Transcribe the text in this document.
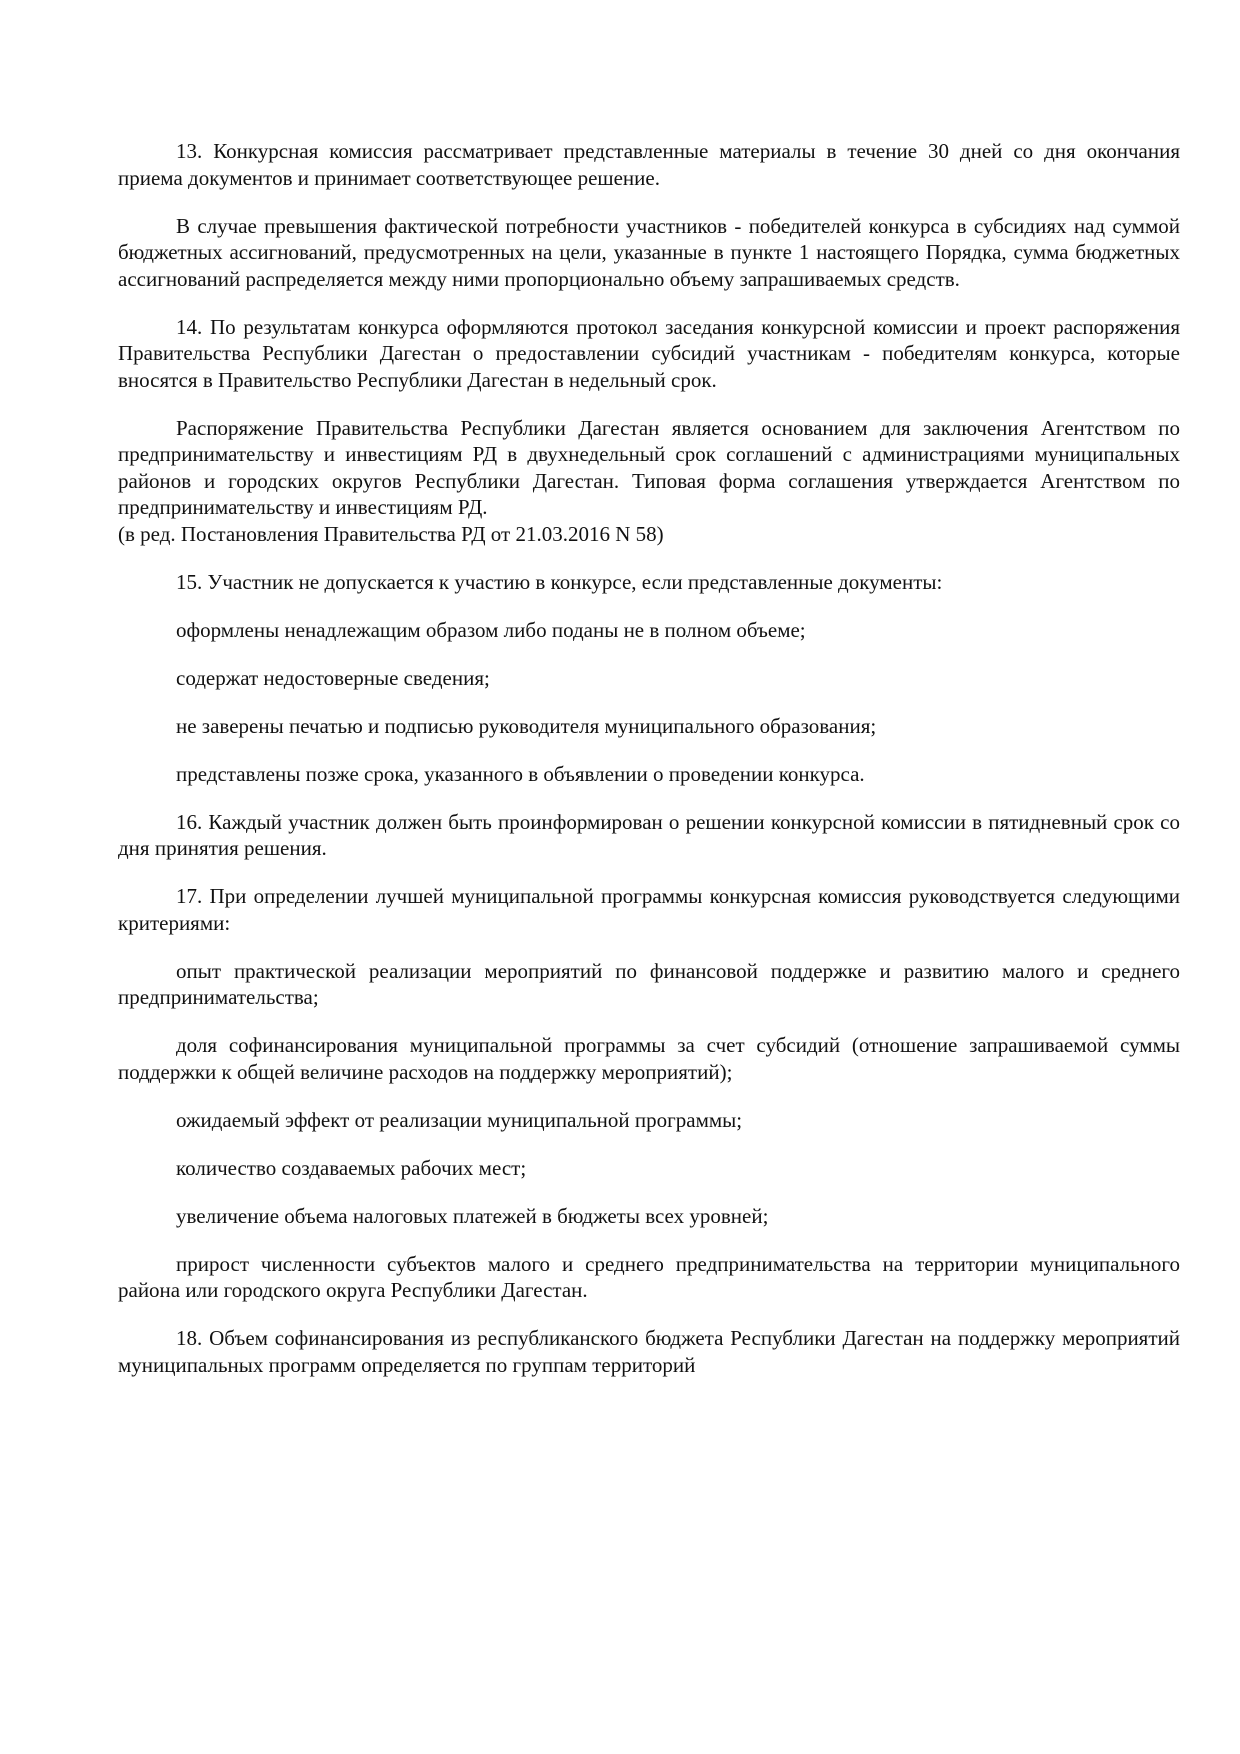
13. Конкурсная комиссия рассматривает представленные материалы в течение 30 дней со дня окончания приема документов и принимает соответствующее решение.

В случае превышения фактической потребности участников - победителей конкурса в субсидиях над суммой бюджетных ассигнований, предусмотренных на цели, указанные в пункте 1 настоящего Порядка, сумма бюджетных ассигнований распределяется между ними пропорционально объему запрашиваемых средств.

14. По результатам конкурса оформляются протокол заседания конкурсной комиссии и проект распоряжения Правительства Республики Дагестан о предоставлении субсидий участникам - победителям конкурса, которые вносятся в Правительство Республики Дагестан в недельный срок.

Распоряжение Правительства Республики Дагестан является основанием для заключения Агентством по предпринимательству и инвестициям РД в двухнедельный срок соглашений с администрациями муниципальных районов и городских округов Республики Дагестан. Типовая форма соглашения утверждается Агентством по предпринимательству и инвестициям РД.

(в ред. Постановления Правительства РД от 21.03.2016 N 58)

15. Участник не допускается к участию в конкурсе, если представленные документы:

оформлены ненадлежащим образом либо поданы не в полном объеме;

содержат недостоверные сведения;

не заверены печатью и подписью руководителя муниципального образования;

представлены позже срока, указанного в объявлении о проведении конкурса.

16. Каждый участник должен быть проинформирован о решении конкурсной комиссии в пятидневный срок со дня принятия решения.

17. При определении лучшей муниципальной программы конкурсная комиссия руководствуется следующими критериями:

опыт практической реализации мероприятий по финансовой поддержке и развитию малого и среднего предпринимательства;

доля софинансирования муниципальной программы за счет субсидий (отношение запрашиваемой суммы поддержки к общей величине расходов на поддержку мероприятий);

ожидаемый эффект от реализации муниципальной программы;

количество создаваемых рабочих мест;

увеличение объема налоговых платежей в бюджеты всех уровней;

прирост численности субъектов малого и среднего предпринимательства на территории муниципального района или городского округа Республики Дагестан.

18. Объем софинансирования из республиканского бюджета Республики Дагестан на поддержку мероприятий муниципальных программ определяется по группам территорий
